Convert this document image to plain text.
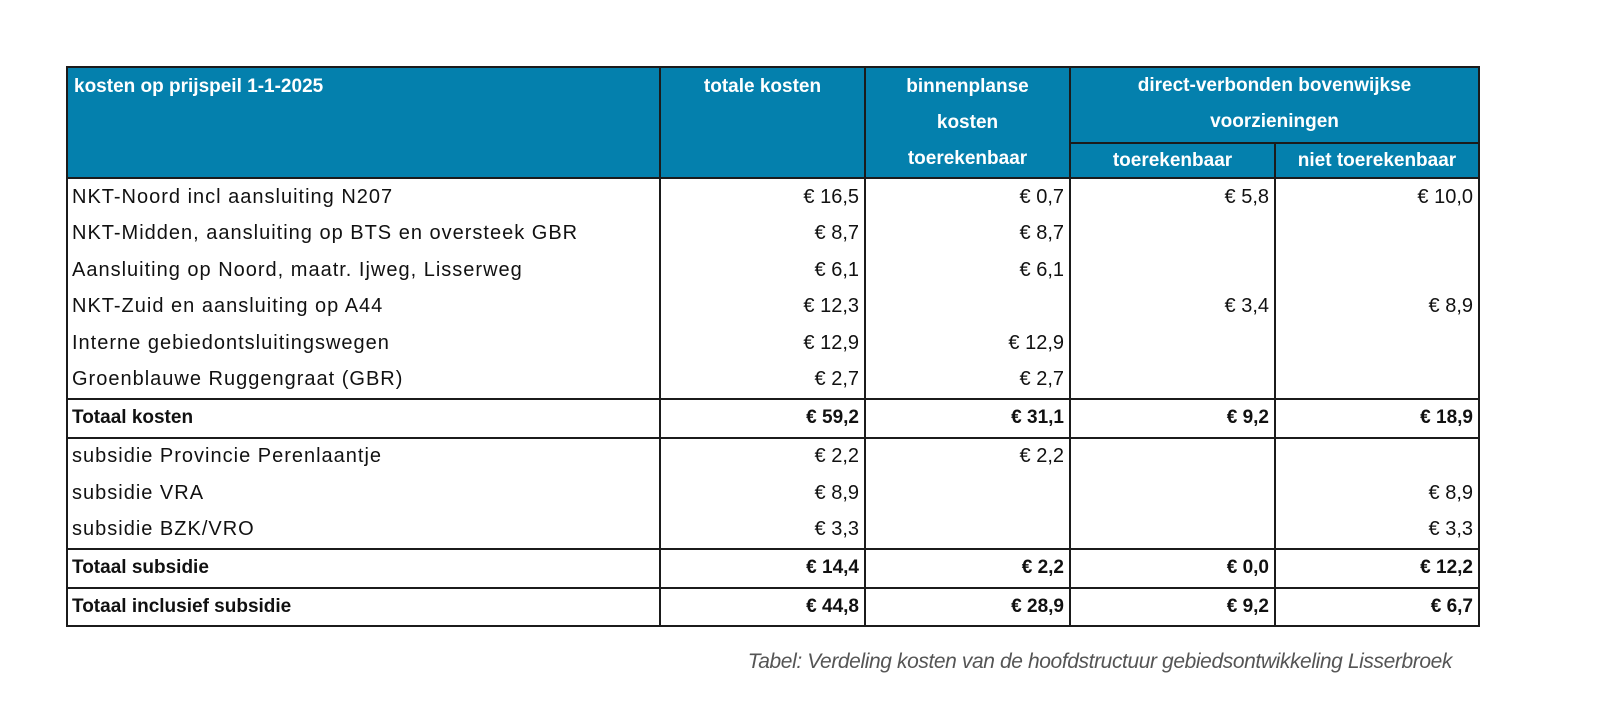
kosten op prijspeil 1-1-2025	totale kosten	binnenplanse
kosten
toerekenbaar	direct-verbonden bovenwijkse
voorzieningen	

			toerekenbaar	niet toerekenbaar
NKT-Noord incl aansluiting N207	€ 16,5	€ 0,7	€ 5,8	€ 10,0
NKT-Midden, aansluiting op BTS en oversteek GBR	€ 8,7	€ 8,7		
Aansluiting op Noord, maatr. Ijweg, Lisserweg	€ 6,1	€ 6,1		
NKT-Zuid en aansluiting op A44	€ 12,3		€ 3,4	€ 8,9
Interne gebiedontsluitingswegen	€ 12,9	€ 12,9		
Groenblauwe Ruggengraat (GBR)	€ 2,7	€ 2,7		
Totaal kosten	€ 59,2	€ 31,1	€ 9,2	€ 18,9
subsidie Provincie Perenlaantje	€ 2,2	€ 2,2		
subsidie VRA	€ 8,9			€ 8,9
subsidie BZK/VRO	€ 3,3			€ 3,3
Totaal subsidie	€ 14,4	€ 2,2	€ 0,0	€ 12,2
Totaal inclusief subsidie	€ 44,8	€ 28,9	€ 9,2	€ 6,7
Tabel: Verdeling kosten van de hoofdstructuur gebiedsontwikkeling Lisserbroek
